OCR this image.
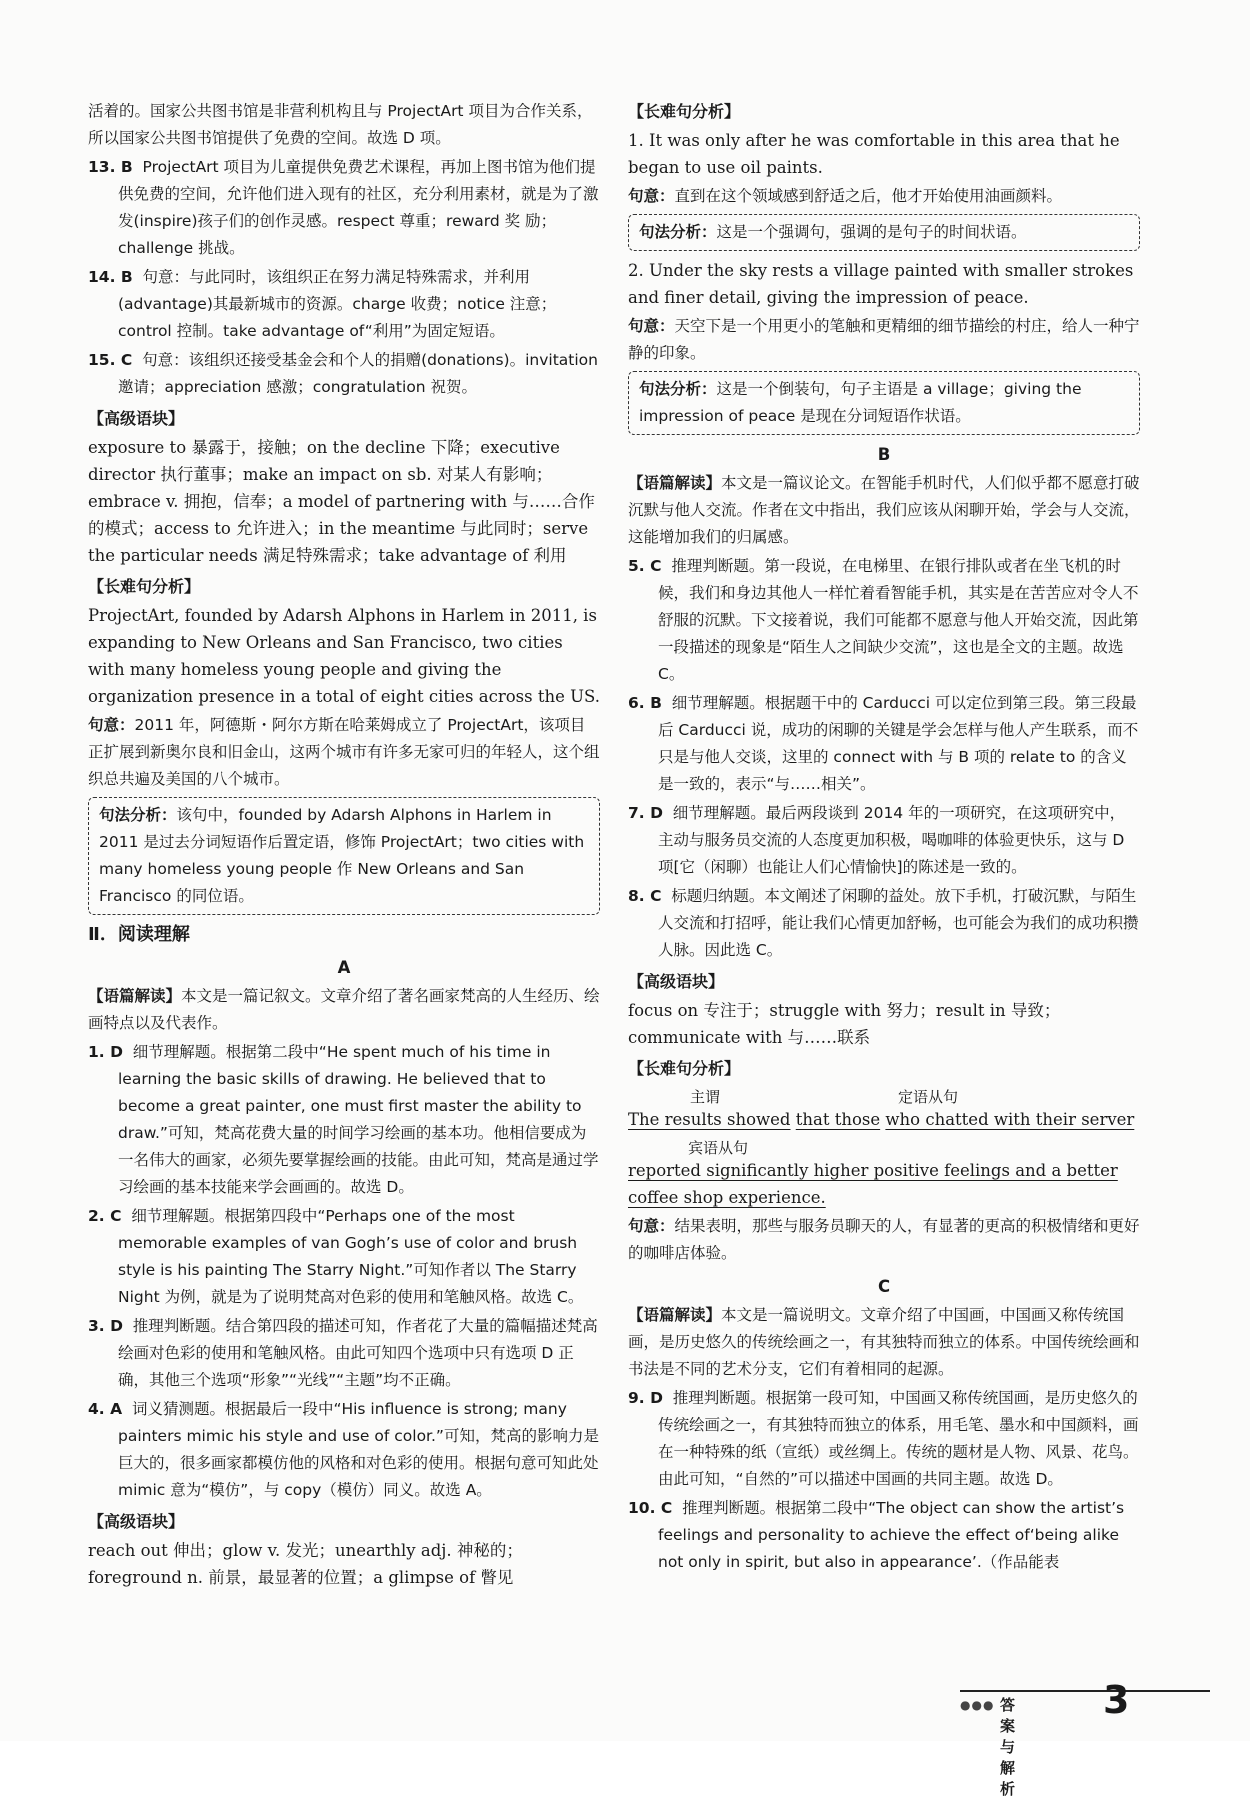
活着的。国家公共图书馆是非营利机构且与 ProjectArt 项目为合作关系，所以国家公共图书馆提供了免费的空间。故选 D 项。

13. B ProjectArt 项目为儿童提供免费艺术课程，再加上图书馆为他们提供免费的空间，允许他们进入现有的社区，充分利用素材，就是为了激发(inspire)孩子们的创作灵感。respect 尊重；reward 奖 励；challenge 挑战。

14. B 句意：与此同时，该组织正在努力满足特殊需求，并利用(advantage)其最新城市的资源。charge 收费；notice 注意；control 控制。take advantage of“利用”为固定短语。

15. C 句意：该组织还接受基金会和个人的捐赠(donations)。invitation 邀请；appreciation 感激；congratulation 祝贺。

【 高级语块 】

exposure to 暴露于，接触；on the decline 下降；executive director 执行董事；make an impact on sb. 对某人有影响；embrace v. 拥抱，信奉；a model of partnering with 与……合作的模式；access to 允许进入；in the meantime 与此同时；serve the particular needs 满足特殊需求；take advantage of 利用

【 长难句分析 】

ProjectArt, founded by Adarsh Alphons in Harlem in 2011, is expanding to New Orleans and San Francisco, two cities with many homeless young people and giving the organization presence in a total of eight cities across the US.

句意：2011 年，阿德斯・阿尔方斯在哈莱姆成立了 ProjectArt，该项目正扩展到新奥尔良和旧金山，这两个城市有许多无家可归的年轻人，这个组织总共遍及美国的八个城市。

句法分析：该句中，founded by Adarsh Alphons in Harlem in 2011 是过去分词短语作后置定语，修饰 ProjectArt；two cities with many homeless young people 作 New Orleans and San Francisco 的同位语。
Ⅱ．阅读理解
A

【语篇解读】本文是一篇记叙文。文章介绍了著名画家梵高的人生经历、绘画特点以及代表作。

1. D 细节理解题。根据第二段中“He spent much of his time in learning the basic skills of drawing. He believed that to become a great painter, one must first master the ability to draw.”可知，梵高花费大量的时间学习绘画的基本功。他相信要成为一名伟大的画家，必须先要掌握绘画的技能。由此可知，梵高是通过学习绘画的基本技能来学会画画的。故选 D。

2. C 细节理解题。根据第四段中“Perhaps one of the most memorable examples of van Gogh’s use of color and brush style is his painting The Starry Night.”可知作者以 The Starry Night 为例，就是为了说明梵高对色彩的使用和笔触风格。故选 C。

3. D 推理判断题。结合第四段的描述可知，作者花了大量的篇幅描述梵高绘画对色彩的使用和笔触风格。由此可知四个选项中只有选项 D 正确，其他三个选项“形象”“光线”“主题”均不正确。

4. A 词义猜测题。根据最后一段中“His influence is strong; many painters mimic his style and use of color.”可知，梵高的影响力是巨大的，很多画家都模仿他的风格和对色彩的使用。根据句意可知此处 mimic 意为“模仿”，与 copy（模仿）同义。故选 A。

【 高级语块 】

reach out 伸出；glow v. 发光；unearthly adj. 神秘的；foreground n. 前景，最显著的位置；a glimpse of 瞥见

【 长难句分析 】

1. It was only after he was comfortable in this area that he began to use oil paints.

句意：直到在这个领域感到舒适之后，他才开始使用油画颜料。

句法分析：这是一个强调句，强调的是句子的时间状语。

2. Under the sky rests a village painted with smaller strokes and finer detail, giving the impression of peace.

句意：天空下是一个用更小的笔触和更精细的细节描绘的村庄，给人一种宁静的印象。

句法分析：这是一个倒装句，句子主语是 a village；giving the impression of peace 是现在分词短语作状语。
B

【语篇解读】本文是一篇议论文。在智能手机时代，人们似乎都不愿意打破沉默与他人交流。作者在文中指出，我们应该从闲聊开始，学会与人交流，这能增加我们的归属感。

5. C 推理判断题。第一段说，在电梯里、在银行排队或者在坐飞机的时候，我们和身边其他人一样忙着看智能手机，其实是在苦苦应对令人不舒服的沉默。下文接着说，我们可能都不愿意与他人开始交流，因此第一段描述的现象是“陌生人之间缺少交流”，这也是全文的主题。故选 C。

6. B 细节理解题。根据题干中的 Carducci 可以定位到第三段。第三段最后 Carducci 说，成功的闲聊的关键是学会怎样与他人产生联系，而不只是与他人交谈，这里的 connect with 与 B 项的 relate to 的含义是一致的，表示“与……相关”。

7. D 细节理解题。最后两段谈到 2014 年的一项研究，在这项研究中，主动与服务员交流的人态度更加积极，喝咖啡的体验更快乐，这与 D 项[它（闲聊）也能让人们心情愉快]的陈述是一致的。

8. C 标题归纳题。本文阐述了闲聊的益处。放下手机，打破沉默，与陌生人交流和打招呼，能让我们心情更加舒畅，也可能会为我们的成功积攒人脉。因此选 C。

【 高级语块 】

focus on 专注于；struggle with 努力；result in 导致；communicate with 与……联系

【 长难句分析 】
主谓	定语从句

The results showed that those who chatted with their server

宾语从句

reported significantly higher positive feelings and a better coffee shop experience.

句意：结果表明，那些与服务员聊天的人，有显著的更高的积极情绪和更好的咖啡店体验。

C

【语篇解读】本文是一篇说明文。文章介绍了中国画，中国画又称传统国画，是历史悠久的传统绘画之一，有其独特而独立的体系。中国传统绘画和书法是不同的艺术分支，它们有着相同的起源。

9. D 推理判断题。根据第一段可知，中国画又称传统国画，是历史悠久的传统绘画之一，有其独特而独立的体系，用毛笔、墨水和中国颜料，画在一种特殊的纸（宣纸）或丝绸上。传统的题材是人物、风景、花鸟。由此可知，“自然的”可以描述中国画的共同主题。故选 D。

10. C 推理判断题。根据第二段中“The object can show the artist’s feelings and personality to achieve the effect of‘being alike not only in spirit, but also in appearance’.（作品能表

●●● 答案与解析
3
